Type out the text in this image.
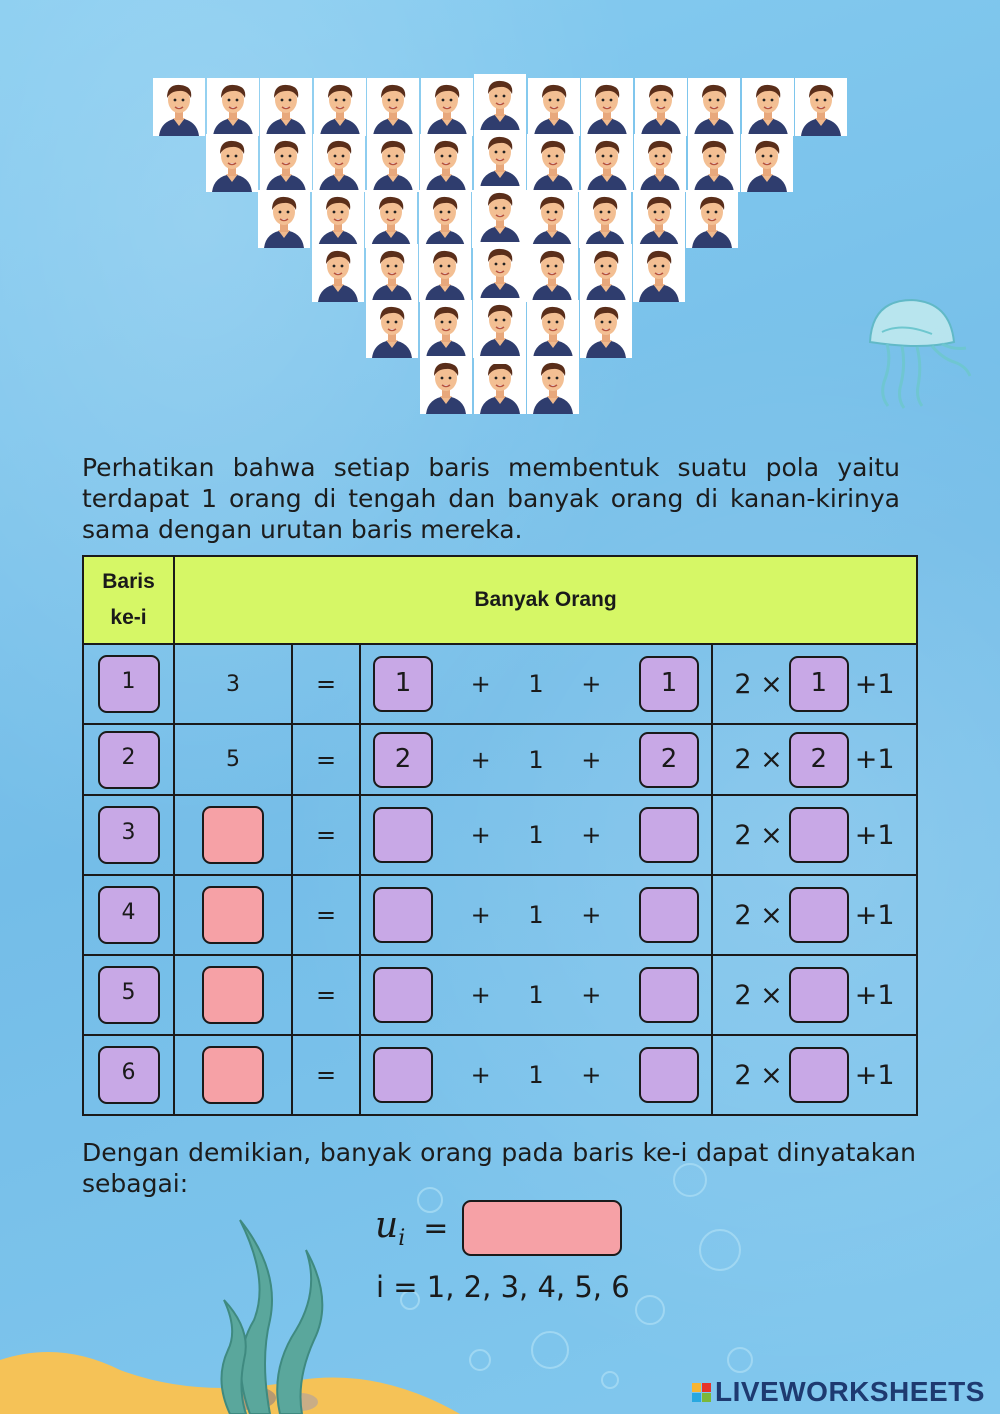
Perhatikan bahwa setiap baris membentuk suatu pola yaitu terdapat 1 orang di tengah dan banyak orang di kanan-kirinya sama dengan urutan baris mereka.
Baris ke-i	Banyak Orang			
1	3	=	1 + 1 + 1	2 × 1 +1

2	5	=	2 + 1 + 2	2 × 2 +1

3		=	+ 1 +	2 × +1

4		=	+ 1 +	2 × +1

5		=	+ 1 +	2 × +1

6		=	+ 1 +	2 × +1
Dengan demikian, banyak orang pada baris ke-i dapat dinyatakan sebagai:
$u_i$ =
i = 1, 2, 3, 4, 5, 6
LIVEWORKSHEETS
